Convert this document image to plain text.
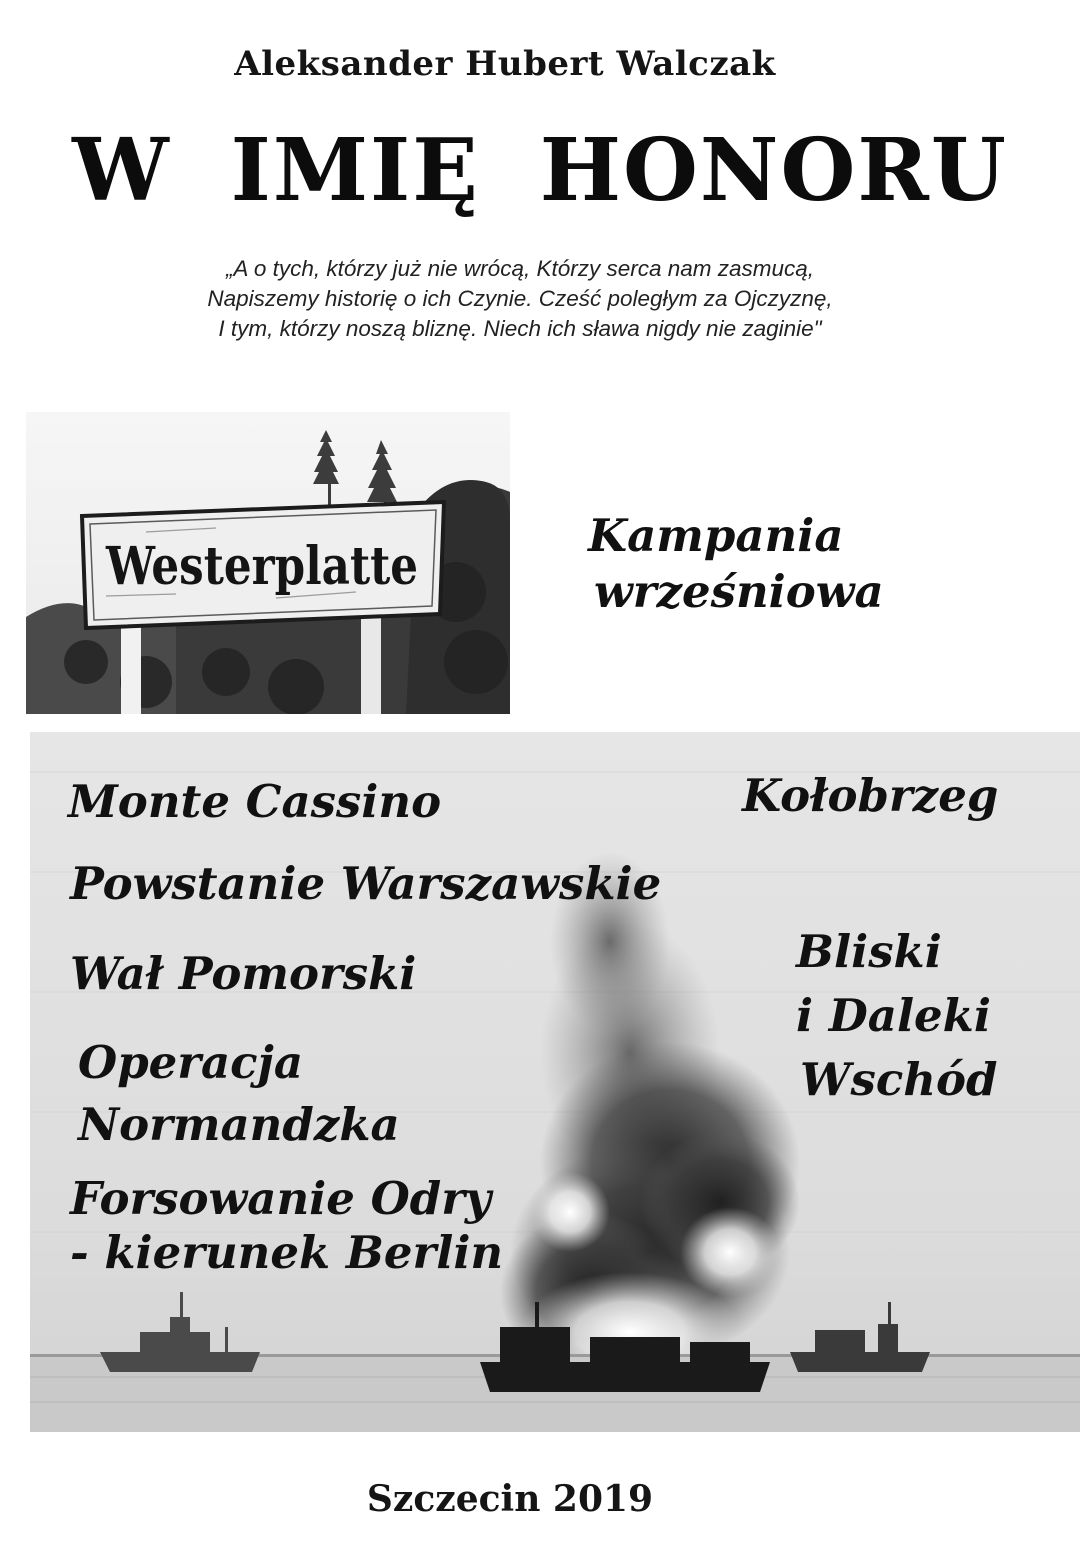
Aleksander Hubert Walczak
W IMIĘ HONORU
„A o tych, którzy już nie wrócą, Którzy serca nam zasmucą,
Napiszemy historię o ich Czynie. Cześć poległym za Ojczyznę,
I tym, którzy noszą bliznę. Niech ich sława nigdy nie zaginie"
Westerplatte
Kampania
wrześniowa
Monte Cassino	Kołobrzeg
Powstanie Warszawskie
Bliski
i Daleki
Wschód
Wał Pomorski
Operacja
Normandzka
Forsowanie Odry
- kierunek Berlin
Szczecin 2019
